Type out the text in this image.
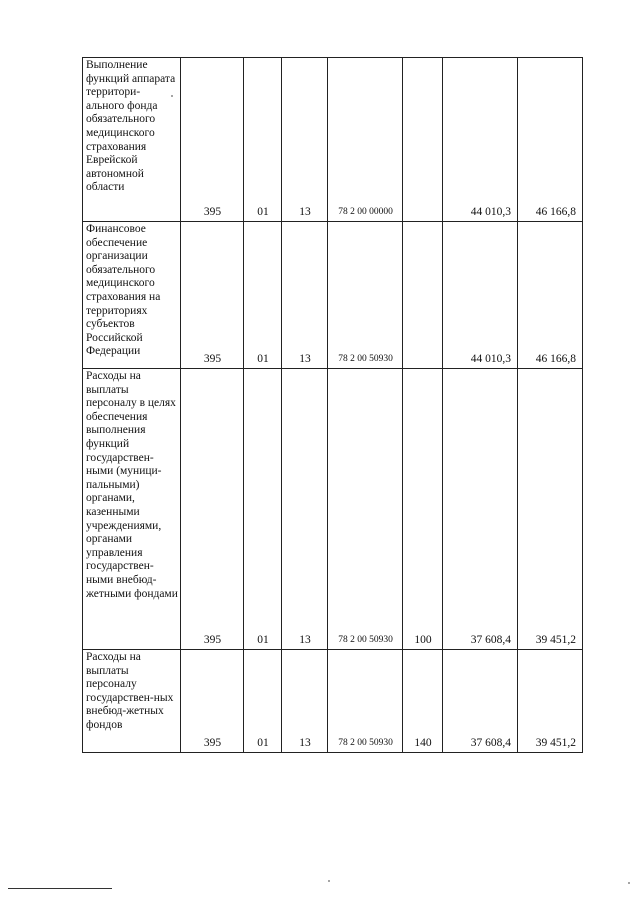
Выполнение функций аппарата территори-ального фонда обязательного медицинского страхования Еврейской автономной области	395	01	13	78 2 00 00000		44 010,3	46 166,8
Финансовое обеспечение организации обязательного медицинского страхования на территориях субъектов Российской Федерации	395	01	13	78 2 00 50930		44 010,3	46 166,8
Расходы на выплаты персоналу в целях обеспечения выполнения функций государствен-ными (муници-пальными) органами, казенными учреждениями, органами управления государствен-ными внебюд-жетными фондами	395	01	13	78 2 00 50930	100	37 608,4	39 451,2
Расходы на выплаты персоналу государствен-ных внебюд-жетных фондов	395	01	13	78 2 00 50930	140	37 608,4	39 451,2
